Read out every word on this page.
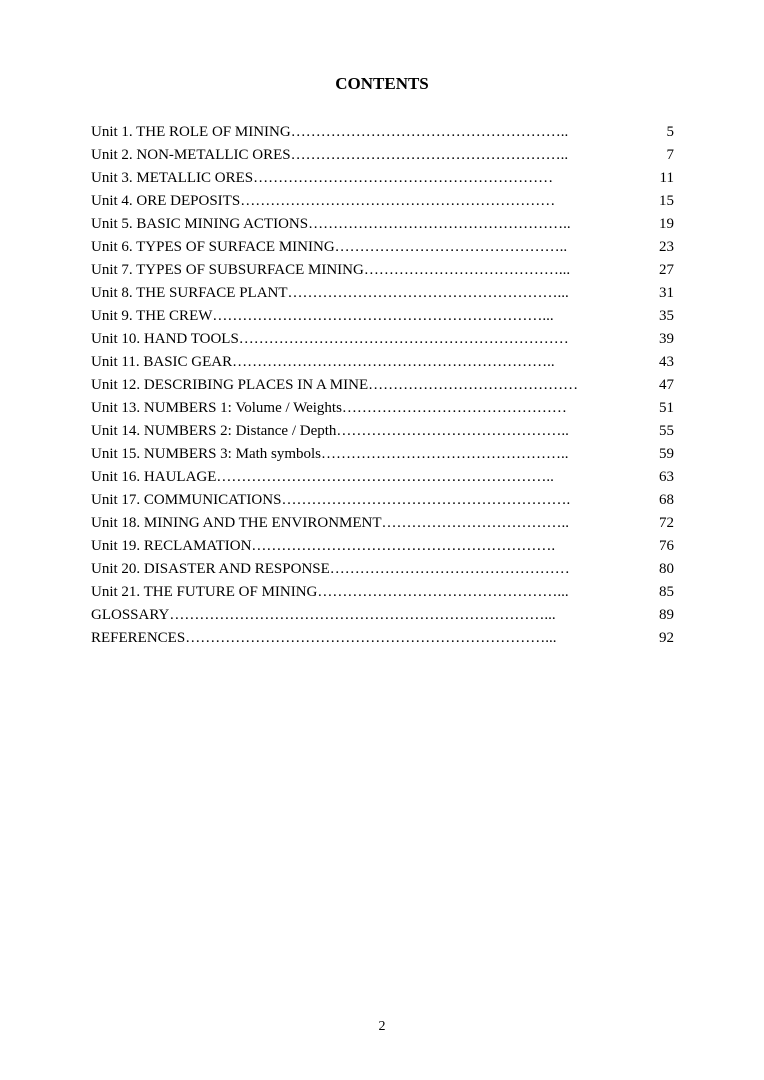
CONTENTS
Unit 1. THE ROLE OF MINING………………………………………………..	5
Unit 2. NON-METALLIC ORES………………………………………………..	7
Unit 3. METALLIC ORES……………………………………………………	11
Unit 4. ORE DEPOSITS………………………………………………………	15
Unit 5. BASIC MINING ACTIONS……………………………………………..	19
Unit 6. TYPES OF SURFACE MINING………………………………………..	23
Unit 7. TYPES OF SUBSURFACE MINING…………………………………...	27
Unit 8. THE SURFACE PLANT………………………………………………...	31
Unit 9. THE CREW…………………………………………………………...	35
Unit 10. HAND TOOLS…………………………………………………………	39
Unit 11. BASIC GEAR………………………………………………………..	43
Unit 12. DESCRIBING PLACES IN A MINE……………………………………	47
Unit 13. NUMBERS 1: Volume / Weights………………………………………	51
Unit 14. NUMBERS 2: Distance / Depth………………………………………..	55
Unit 15. NUMBERS 3: Math symbols…………………………………………..	59
Unit 16. HAULAGE…………………………………………………………..	63
Unit 17. COMMUNICATIONS………………………………………………….	68
Unit 18. MINING AND THE ENVIRONMENT………………………………..	72
Unit 19. RECLAMATION…………………………………………………….	76
Unit 20. DISASTER AND RESPONSE…………………………………………	80
Unit 21. THE FUTURE OF MINING…………………………………………...	85
GLOSSARY…………………………………………………………………...	89
REFERENCES………………………………………………………………...	92
2
